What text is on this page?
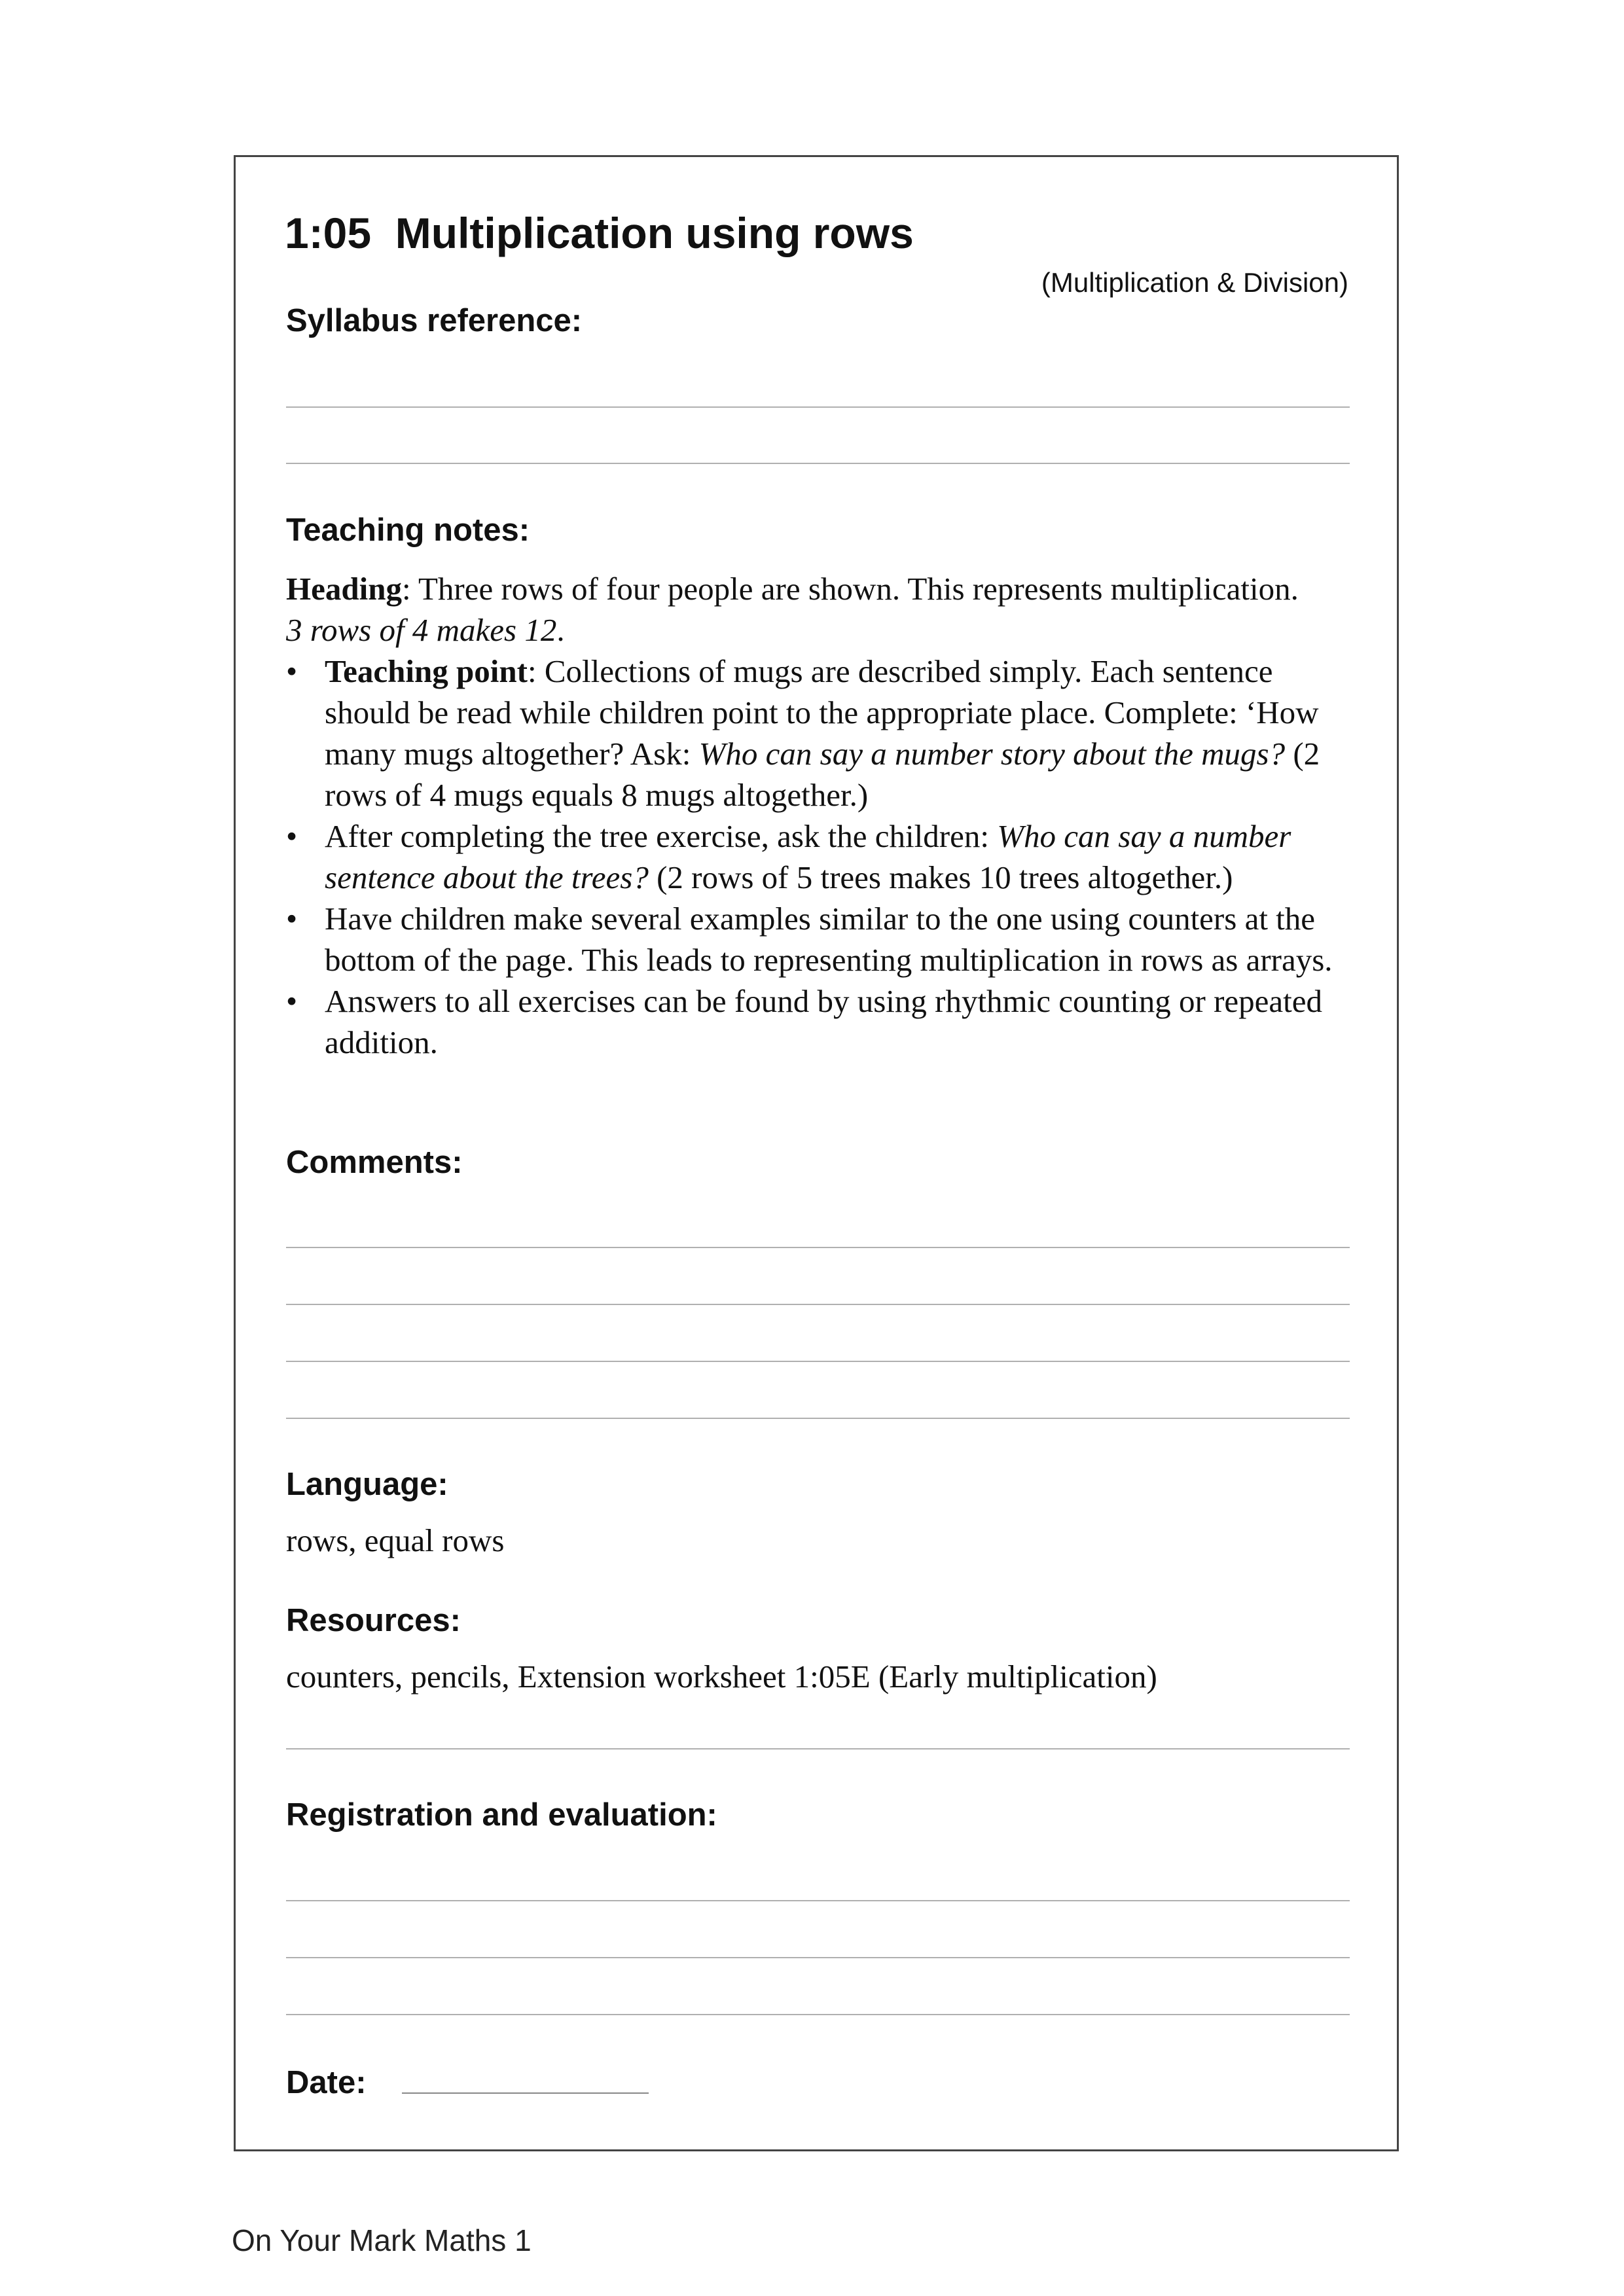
1:05  Multiplication using rows
(Multiplication & Division)
Syllabus reference:
Teaching notes:

Heading: Three rows of four people are shown. This represents multiplication.
3 rows of 4 makes 12.

• Teaching point: Collections of mugs are described simply. Each sentence should be read while children point to the appropriate place. Complete: ‘How many mugs altogether? Ask: Who can say a number story about the mugs? (2 rows of 4 mugs equals 8 mugs altogether.)
• After completing the tree exercise, ask the children: Who can say a number sentence about the trees? (2 rows of 5 trees makes 10 trees altogether.)
• Have children make several examples similar to the one using counters at the bottom of the page. This leads to representing multiplication in rows as arrays.
• Answers to all exercises can be found by using rhythmic counting or repeated addition.
Comments:
Language:
rows, equal rows
Resources:
counters, pencils, Extension worksheet 1:05E (Early multiplication)
Registration and evaluation:
Date:
On Your Mark Maths 1
